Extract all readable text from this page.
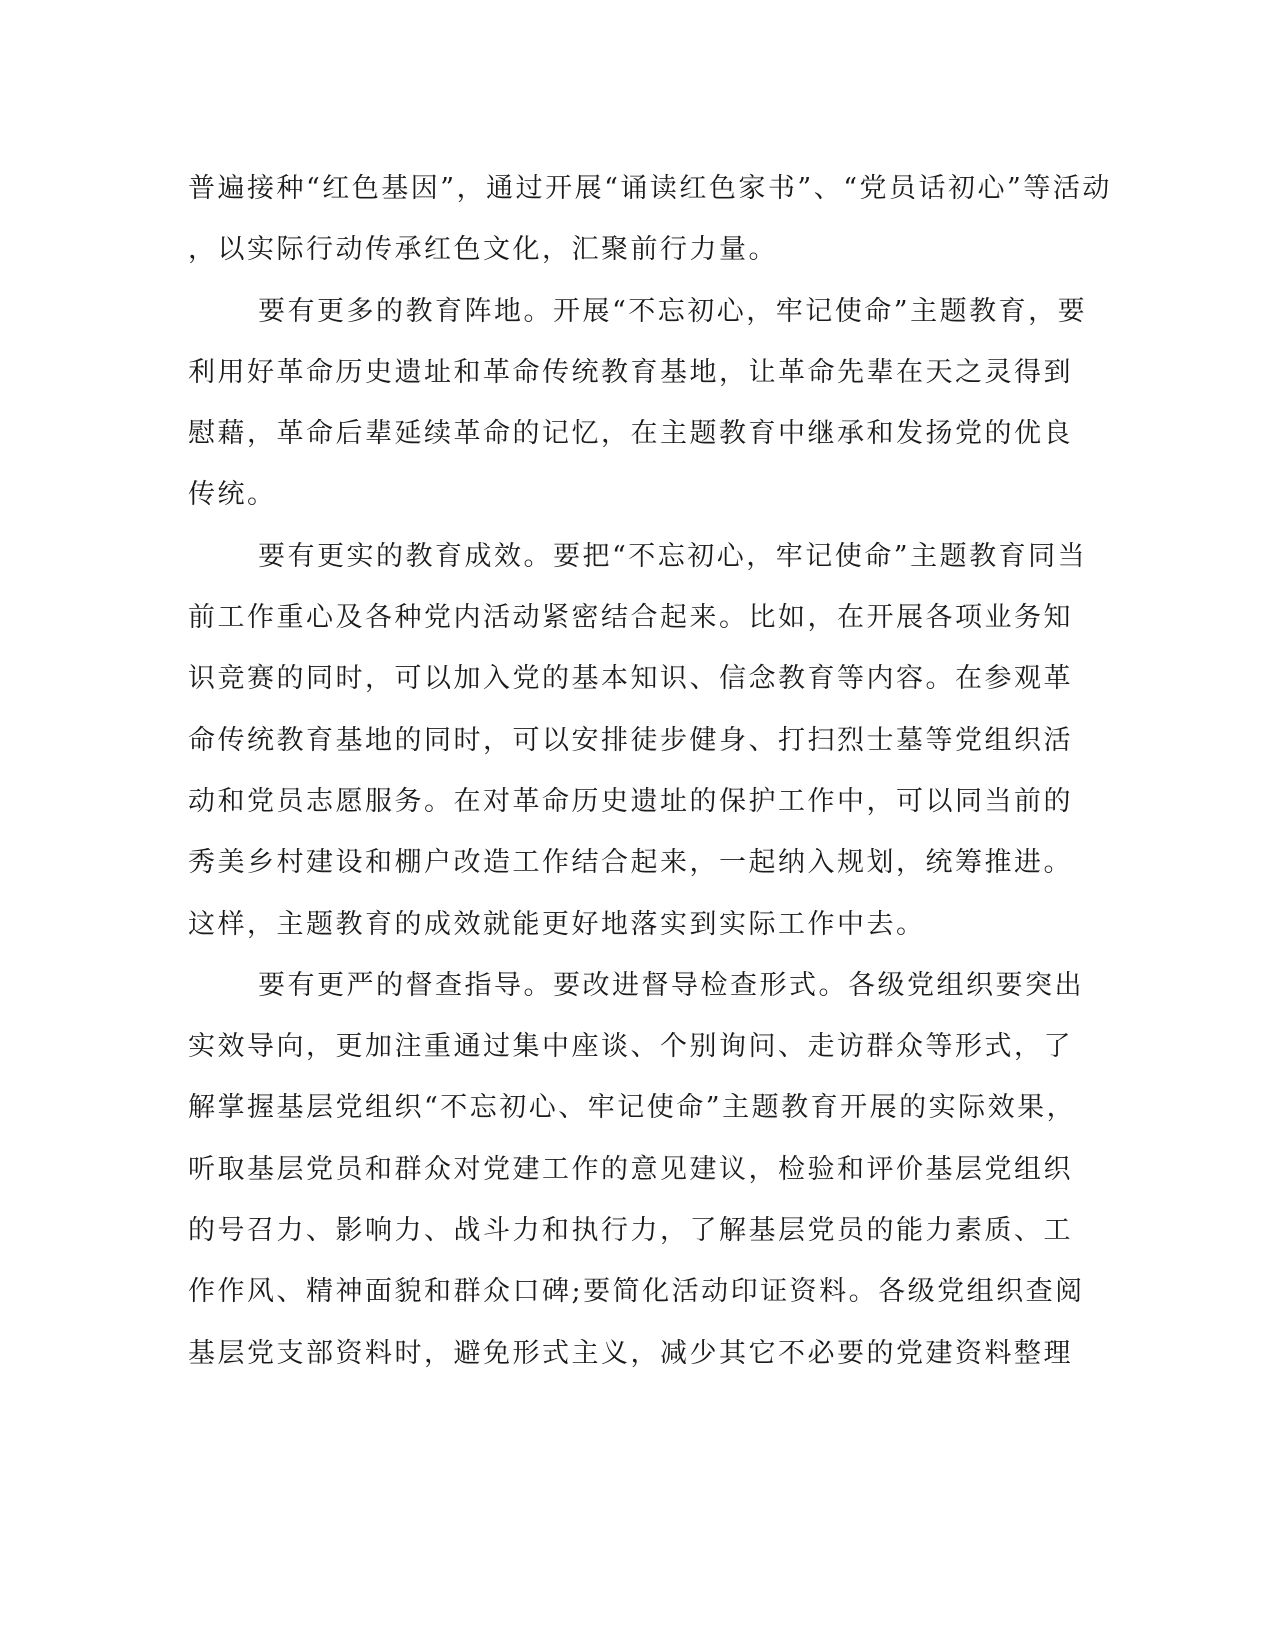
普遍接种“红色基因”，通过开展“诵读红色家书”、“党员话初心”等活动
，以实际行动传承红色文化，汇聚前行力量。
要有更多的教育阵地。开展“不忘初心，牢记使命”主题教育，要
利用好革命历史遗址和革命传统教育基地，让革命先辈在天之灵得到
慰藉，革命后辈延续革命的记忆，在主题教育中继承和发扬党的优良
传统。
要有更实的教育成效。要把“不忘初心，牢记使命”主题教育同当
前工作重心及各种党内活动紧密结合起来。比如，在开展各项业务知
识竞赛的同时，可以加入党的基本知识、信念教育等内容。在参观革
命传统教育基地的同时，可以安排徒步健身、打扫烈士墓等党组织活
动和党员志愿服务。在对革命历史遗址的保护工作中，可以同当前的
秀美乡村建设和棚户改造工作结合起来，一起纳入规划，统筹推进。
这样，主题教育的成效就能更好地落实到实际工作中去。
要有更严的督查指导。要改进督导检查形式。各级党组织要突出
实效导向，更加注重通过集中座谈、个别询问、走访群众等形式，了
解掌握基层党组织“不忘初心、牢记使命”主题教育开展的实际效果，
听取基层党员和群众对党建工作的意见建议，检验和评价基层党组织
的号召力、影响力、战斗力和执行力，了解基层党员的能力素质、工
作作风、精神面貌和群众口碑;要简化活动印证资料。各级党组织查阅
基层党支部资料时，避免形式主义，减少其它不必要的党建资料整理
